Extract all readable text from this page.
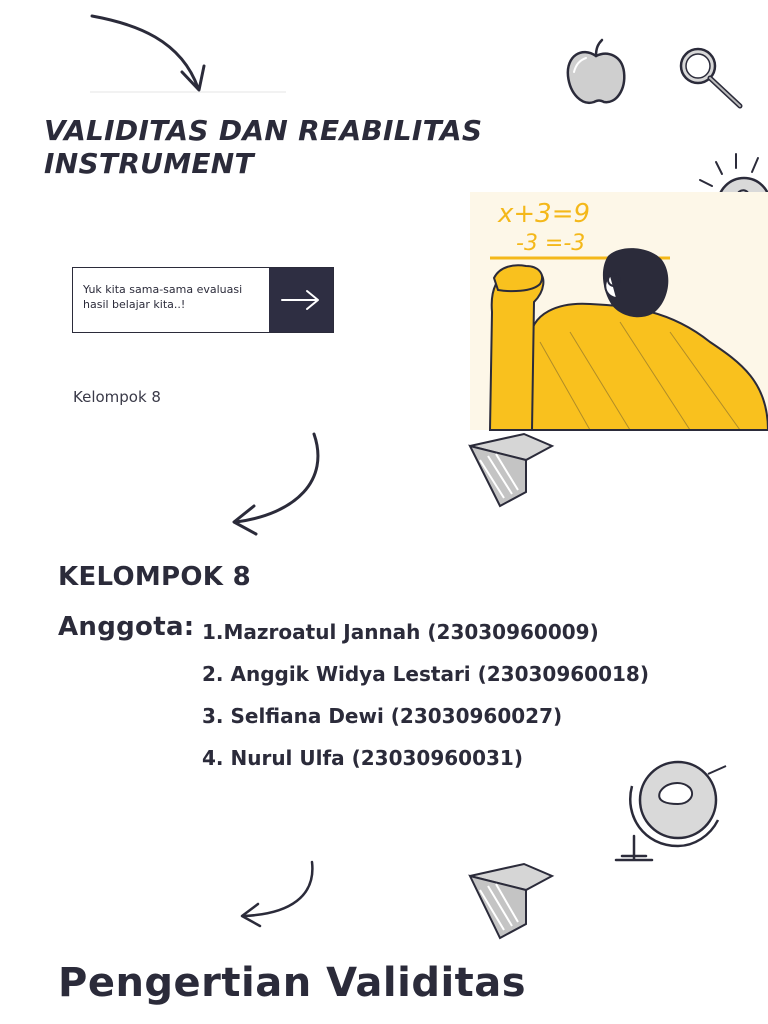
VALIDITAS DAN REABILITAS INSTRUMENT
x+3=9
-3 =-3
Yuk kita sama-sama evaluasi hasil belajar kita..!
Kelompok 8
KELOMPOK 8
Anggota: 1.Mazroatul Jannah (23030960009)
2. Anggik Widya Lestari (23030960018)
3. Selfiana Dewi (23030960027)
4. Nurul Ulfa (23030960031)
Pengertian Validitas
